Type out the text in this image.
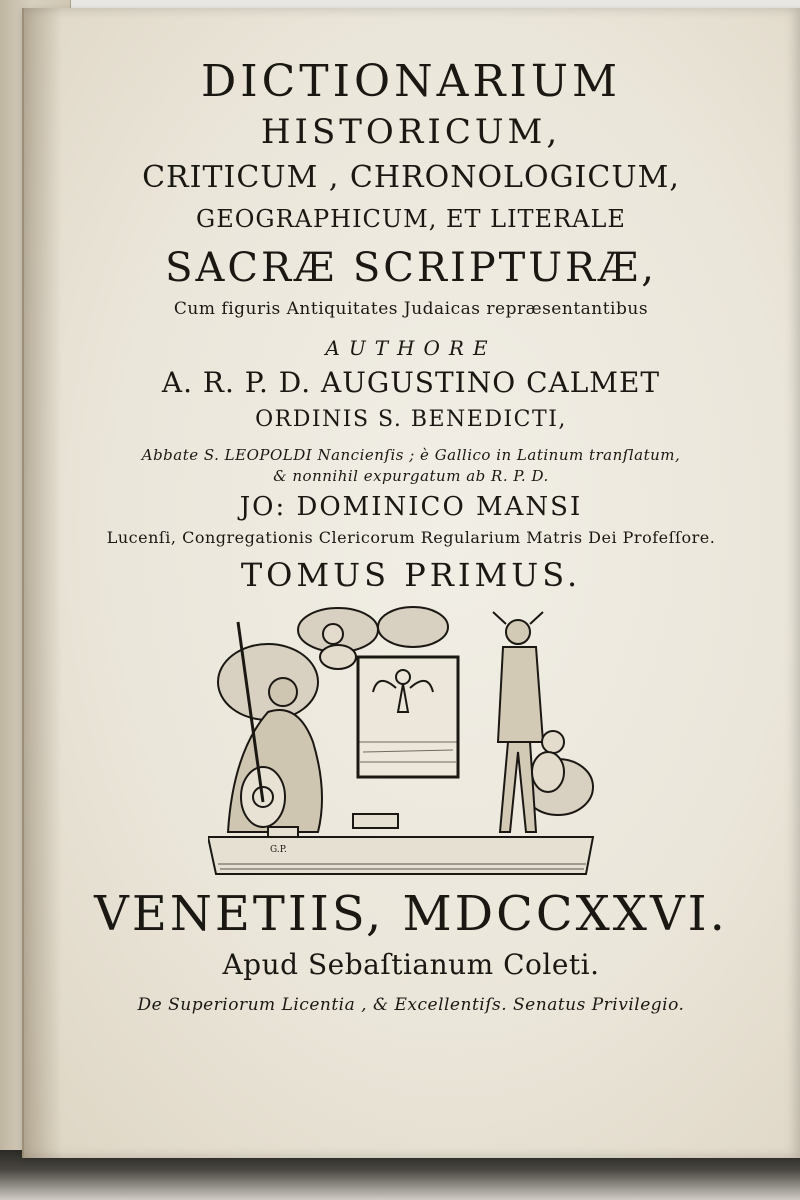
DICTIONARIUM
HISTORICUM,
CRITICUM , CHRONOLOGICUM,
GEOGRAPHICUM, ET LITERALE
SACRÆ SCRIPTURÆ,
Cum figuris Antiquitates Judaicas repræsentantibus
AUTHORE
A. R. P. D. AUGUSTINO CALMET
ORDINIS S. BENEDICTI,
Abbate S. LEOPOLDI Nancienſis ; è Gallico in Latinum tranſlatum,
& nonnihil expurgatum ab R. P. D.
JO: DOMINICO MANSI
Lucenſi, Congregationis Clericorum Regularium Matris Dei Profeſſore.
TOMUS PRIMUS.
G.P.
VENETIIS, MDCCXXVI.
Apud Sebaſtianum Coleti.
De Superiorum Licentia , & Excellentiſs. Senatus Privilegio.
